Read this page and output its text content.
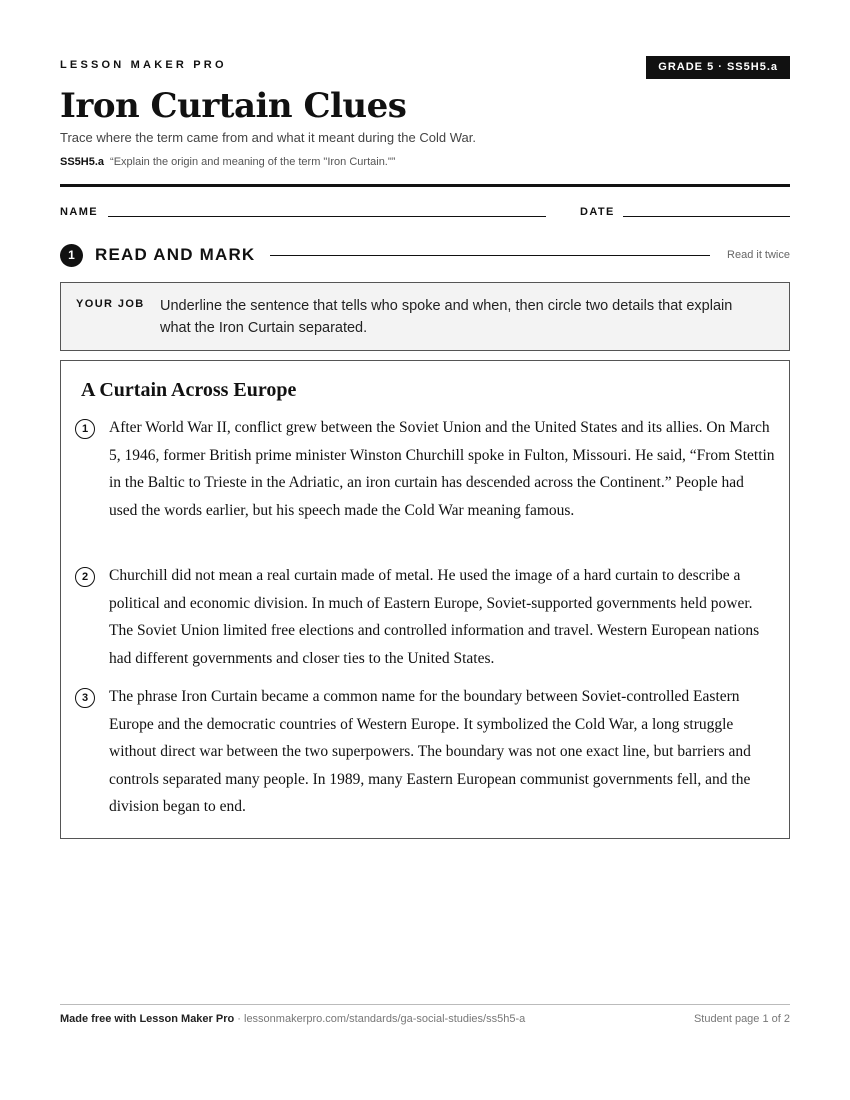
LESSON MAKER PRO	GRADE 5 · SS5H5.a
Iron Curtain Clues
Trace where the term came from and what it meant during the Cold War.
SS5H5.a “Explain the origin and meaning of the term "Iron Curtain."”
NAME	DATE
1	READ AND MARK	Read it twice
YOUR JOB Underline the sentence that tells who spoke and when, then circle two details that explain what the Iron Curtain separated.
A Curtain Across Europe
1	After World War II, conflict grew between the Soviet Union and the United States and its allies. On March 5, 1946, former British prime minister Winston Churchill spoke in Fulton, Missouri. He said, “From Stettin in the Baltic to Trieste in the Adriatic, an iron curtain has descended across the Continent.” People had used the words earlier, but his speech made the Cold War meaning famous.

2	Churchill did not mean a real curtain made of metal. He used the image of a hard curtain to describe a political and economic division. In much of Eastern Europe, Soviet-supported governments held power. The Soviet Union limited free elections and controlled information and travel. Western European nations had different governments and closer ties to the United States.

3	The phrase Iron Curtain became a common name for the boundary between Soviet-controlled Eastern Europe and the democratic countries of Western Europe. It symbolized the Cold War, a long struggle without direct war between the two superpowers. The boundary was not one exact line, but barriers and controls separated many people. In 1989, many Eastern European communist governments fell, and the division began to end.

Made free with Lesson Maker Pro · lessonmakerpro.com/standards/ga-social-studies/ss5h5-a	Student page 1 of 2
